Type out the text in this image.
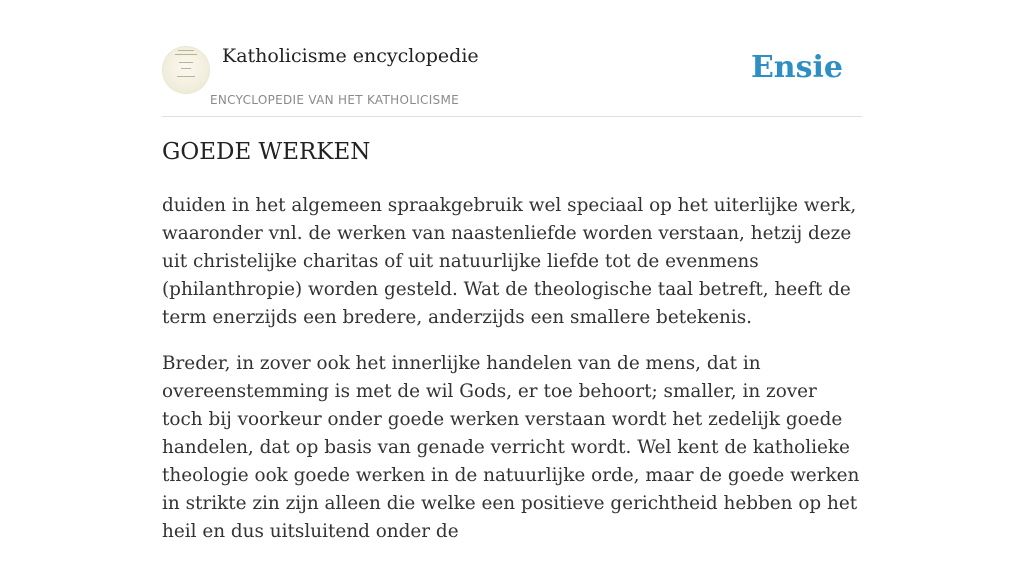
Katholicisme encyclopedie
ENCYCLOPEDIE VAN HET KATHOLICISME
Ensie
GOEDE WERKEN

duiden in het algemeen spraakgebruik wel speciaal op het uiterlijke werk, waaronder vnl. de werken van naastenliefde worden verstaan, hetzij deze uit christelijke charitas of uit natuurlijke liefde tot de evenmens (philanthropie) worden gesteld. Wat de theologische taal betreft, heeft de term enerzijds een bredere, anderzijds een smallere betekenis.

Breder, in zover ook het innerlijke handelen van de mens, dat in overeenstemming is met de wil Gods, er toe behoort; smaller, in zover toch bij voorkeur onder goede werken verstaan wordt het zedelijk goede handelen, dat op basis van genade verricht wordt. Wel kent de katholieke theologie ook goede werken in de natuurlijke orde, maar de goede werken in strikte zin zijn alleen die welke een positieve gerichtheid hebben op het heil en dus uitsluitend onder de
